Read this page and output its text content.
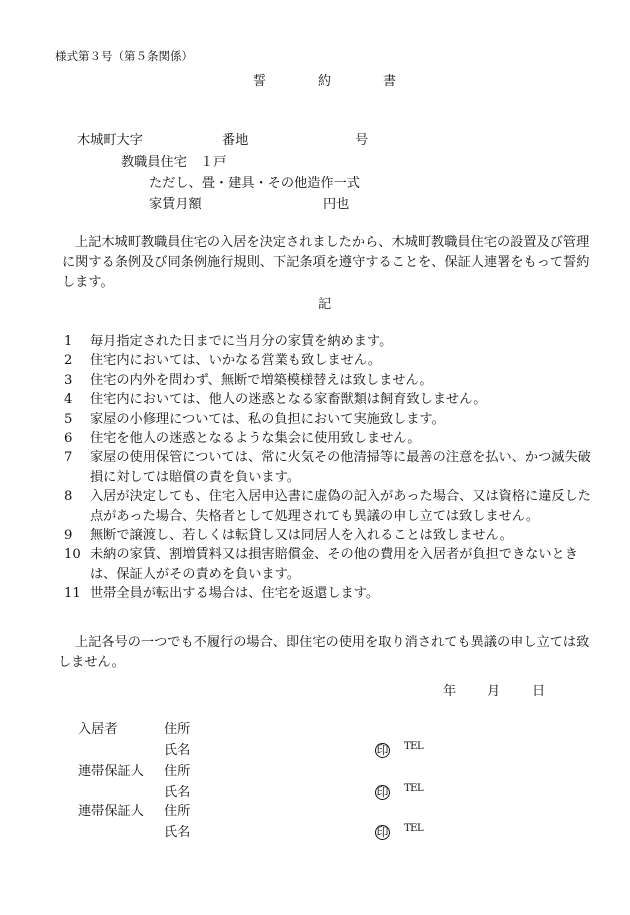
様式第３号（第５条関係）
誓	約	書
木城町大字	番地	号
教職員住宅　１戸
ただし、畳・建具・その他造作一式
家賃月額	円也
上記木城町教職員住宅の入居を決定されましたから、木城町教職員住宅の設置及び管理に関する条例及び同条例施行規則、下記条項を遵守することを、保証人連署をもって誓約します。
記
1	毎月指定された日までに当月分の家賃を納めます。
2	住宅内においては、いかなる営業も致しません。
3	住宅の内外を問わず、無断で増築模様替えは致しません。
4	住宅内においては、他人の迷惑となる家畜獣類は飼育致しません。
5	家屋の小修理については、私の負担において実施致します。
6	住宅を他人の迷惑となるような集会に使用致しません。
7	家屋の使用保管については、常に火気その他清掃等に最善の注意を払い、かつ滅失破損に対しては賠償の責を負います。
8	入居が決定しても、住宅入居申込書に虚偽の記入があった場合、又は資格に違反した点があった場合、失格者として処理されても異議の申し立ては致しません。
9	無断で譲渡し、若しくは転貸し又は同居人を入れることは致しません。
10 未納の家賃、割増賃料又は損害賠償金、その他の費用を入居者が負担できないときは、保証人がその責めを負います。
11 世帯全員が転出する場合は、住宅を返還します。
上記各号の一つでも不履行の場合、即住宅の使用を取り消されても異議の申し立ては致しません。
年 月 日
入居者	住所
氏名	印 TEL
連帯保証人 住所
氏名	印 TEL
連帯保証人 住所
氏名	印 TEL
